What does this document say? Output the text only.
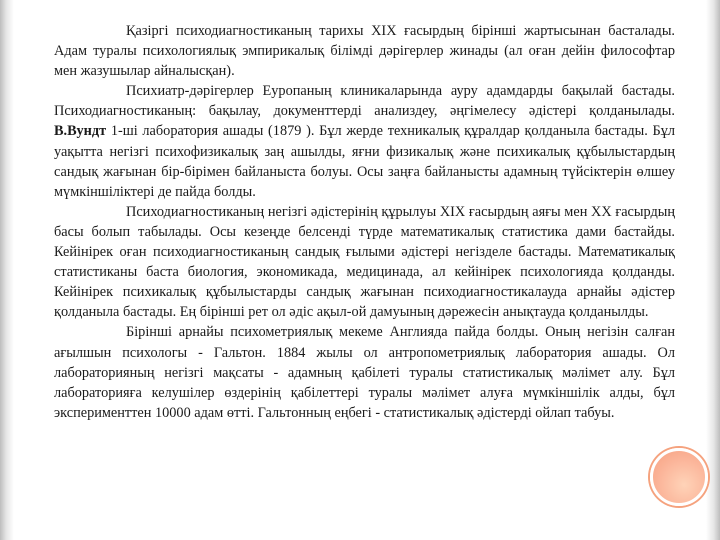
Қазіргі психодиагностиканың тарихы XIX ғасырдың бірінші жартысынан басталады. Адам туралы психологиялық эмпирикалық білімді дәрігерлер жинады (ал оған дейін философтар мен жазушылар айналысқан).

Психиатр-дәрігерлер Еуропаның клиникаларында ауру адамдарды бақылай бастады. Психодиагностиканың: бақылау, документтерді анализдеу, әңгімелесу әдістері қолданылады. В.Вундт 1-ші лаборатория ашады (1879 ). Бұл жерде техникалық құралдар қолданыла бастады. Бұл уақытта негізгі психофизикалық заң ашылды, яғни физикалық және психикалық құбылыстардың сандық жағынан бір-бірімен байланыста болуы. Осы заңға байланысты адамның түйсіктерін өлшеу мүмкіншіліктері де пайда болды.

Психодиагностиканың негізгі әдістерінің құрылуы XIX ғасырдың аяғы мен XX ғасырдың басы болып табылады. Осы кезеңде белсенді түрде математикалық статистика дами бастайды. Кейінірек оған психодиагностиканың сандық ғылыми әдістері негізделе бастады. Математикалық статистиканы баста биология, экономикада, медицинада, ал кейінірек психологияда қолданды. Кейінірек психикалық құбылыстарды сандық жағынан психодиагностикалауда арнайы әдістер қолданыла бастады. Ең бірінші рет ол әдіс ақыл-ой дамуының дәрежесін анықтауда қолданылды.

Бірінші арнайы психометриялық мекеме Англияда пайда болды. Оның негізін салған ағылшын психологы - Гальтон. 1884 жылы ол антропометриялық лаборатория ашады. Ол лабораторияның негізгі мақсаты - адамның қабілеті туралы статистикалық мәлімет алу. Бұл лабораторияға келушілер өздерінің қабілеттері туралы мәлімет алуға мүмкіншілік алды, бұл эксперименттен 10000 адам өтті. Гальтонның еңбегі - статистикалық әдістерді ойлап табуы.
